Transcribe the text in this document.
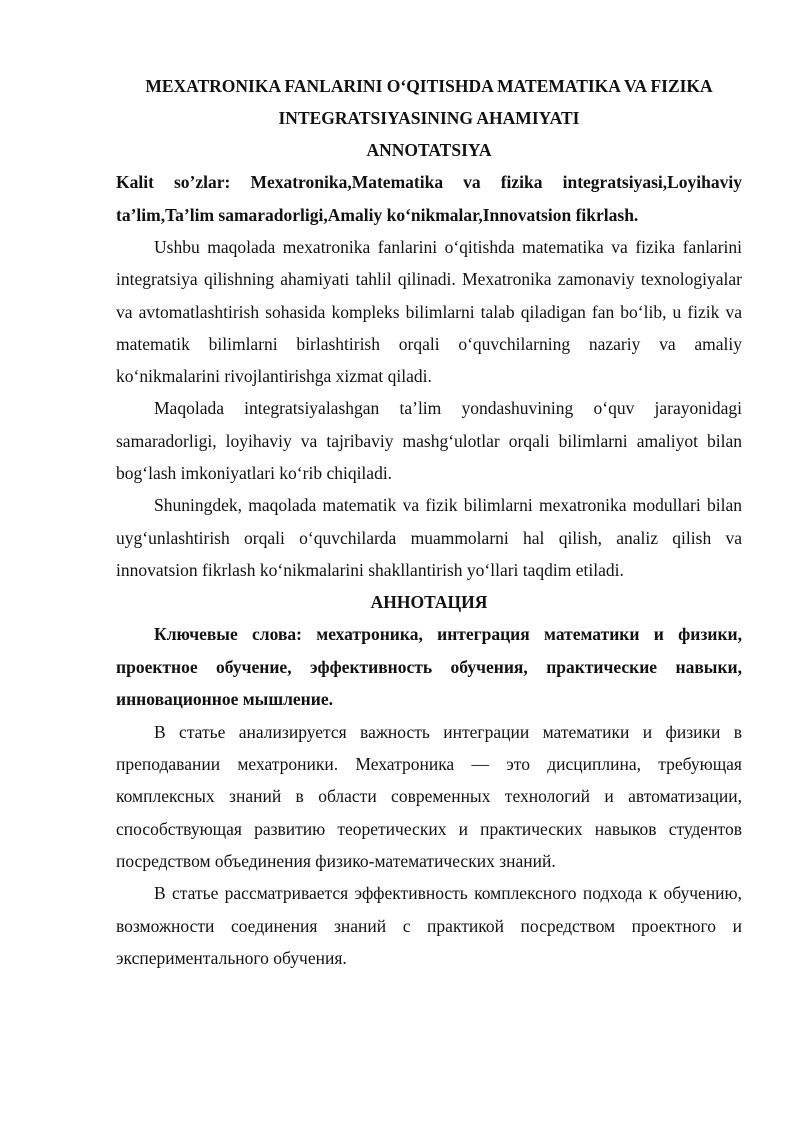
MEXATRONIKA FANLARINI O‘QITISHDA MATEMATIKA VA FIZIKA INTEGRATSIYASINING AHAMIYATI

ANNOTATSIYA

Kalit so’zlar: Mexatronika,Matematika va fizika integratsiyasi,Loyihaviy ta’lim,Ta’lim samaradorligi,Amaliy ko‘nikmalar,Innovatsion fikrlash.

Ushbu maqolada mexatronika fanlarini o‘qitishda matematika va fizika fanlarini integratsiya qilishning ahamiyati tahlil qilinadi. Mexatronika zamonaviy texnologiyalar va avtomatlashtirish sohasida kompleks bilimlarni talab qiladigan fan bo‘lib, u fizik va matematik bilimlarni birlashtirish orqali o‘quvchilarning nazariy va amaliy ko‘nikmalarini rivojlantirishga xizmat qiladi.

Maqolada integratsiyalashgan ta’lim yondashuvining o‘quv jarayonidagi samaradorligi, loyihaviy va tajribaviy mashg‘ulotlar orqali bilimlarni amaliyot bilan bog‘lash imkoniyatlari ko‘rib chiqiladi.

Shuningdek, maqolada matematik va fizik bilimlarni mexatronika modullari bilan uyg‘unlashtirish orqali o‘quvchilarda muammolarni hal qilish, analiz qilish va innovatsion fikrlash ko‘nikmalarini shakllantirish yo‘llari taqdim etiladi.

АННОТАЦИЯ

Ключевые слова: мехатроника, интеграция математики и физики, проектное обучение, эффективность обучения, практические навыки, инновационное мышление.

В статье анализируется важность интеграции математики и физики в преподавании мехатроники. Мехатроника — это дисциплина, требующая комплексных знаний в области современных технологий и автоматизации, способствующая развитию теоретических и практических навыков студентов посредством объединения физико-математических знаний.

В статье рассматривается эффективность комплексного подхода к обучению, возможности соединения знаний с практикой посредством проектного и экспериментального обучения.
